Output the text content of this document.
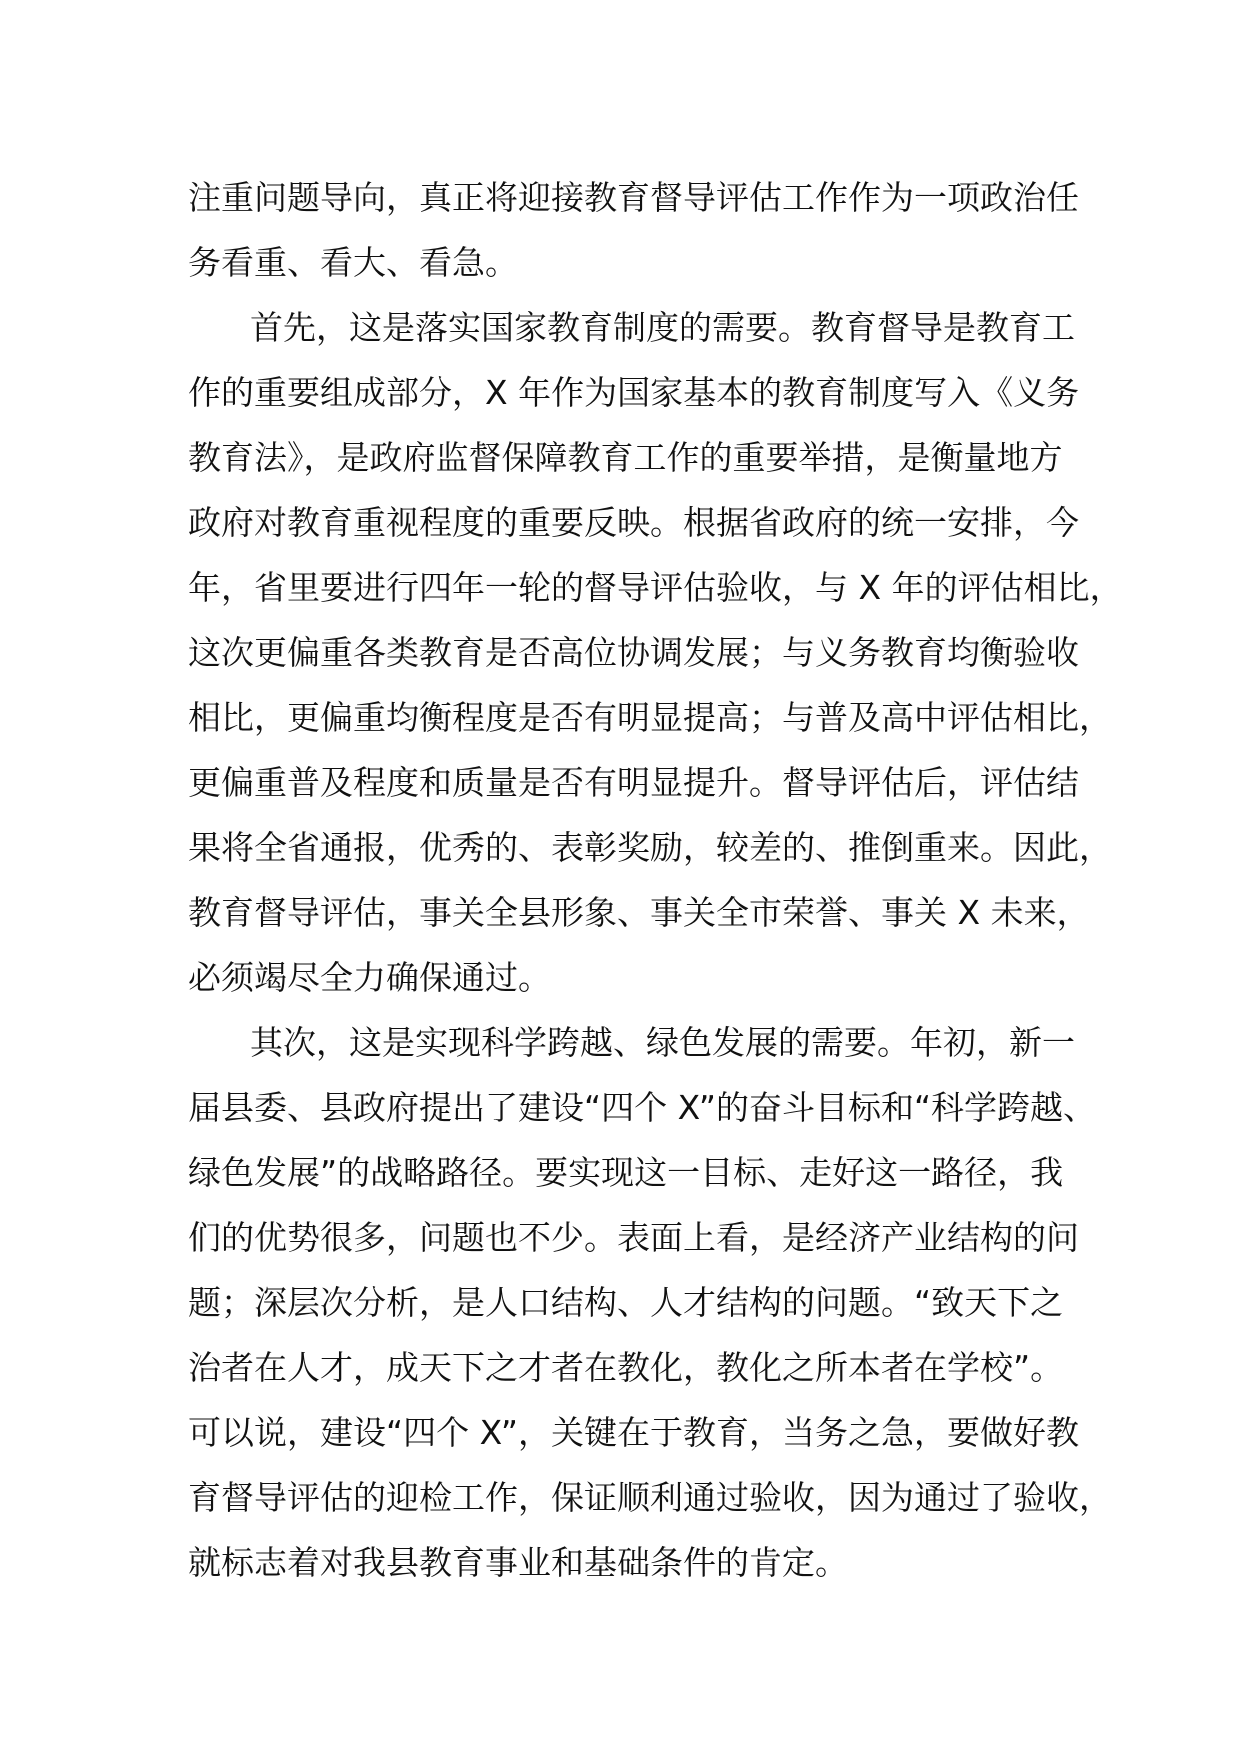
注重问题导向，真正将迎接教育督导评估工作作为一项政治任
务看重、看大、看急。
首先，这是落实国家教育制度的需要。教育督导是教育工
作的重要组成部分，X 年作为国家基本的教育制度写入《义务
教育法》，是政府监督保障教育工作的重要举措，是衡量地方
政府对教育重视程度的重要反映。根据省政府的统一安排，今
年，省里要进行四年一轮的督导评估验收，与 X 年的评估相比，
这次更偏重各类教育是否高位协调发展；与义务教育均衡验收
相比，更偏重均衡程度是否有明显提高；与普及高中评估相比，
更偏重普及程度和质量是否有明显提升。督导评估后，评估结
果将全省通报，优秀的、表彰奖励，较差的、推倒重来。因此，
教育督导评估，事关全县形象、事关全市荣誉、事关 X 未来，
必须竭尽全力确保通过。
其次，这是实现科学跨越、绿色发展的需要。年初，新一
届县委、县政府提出了建设“四个 X”的奋斗目标和“科学跨越、
绿色发展”的战略路径。要实现这一目标、走好这一路径，我
们的优势很多，问题也不少。表面上看，是经济产业结构的问
题；深层次分析，是人口结构、人才结构的问题。“致天下之
治者在人才，成天下之才者在教化，教化之所本者在学校”。
可以说，建设“四个 X”，关键在于教育，当务之急，要做好教
育督导评估的迎检工作，保证顺利通过验收，因为通过了验收，
就标志着对我县教育事业和基础条件的肯定。
